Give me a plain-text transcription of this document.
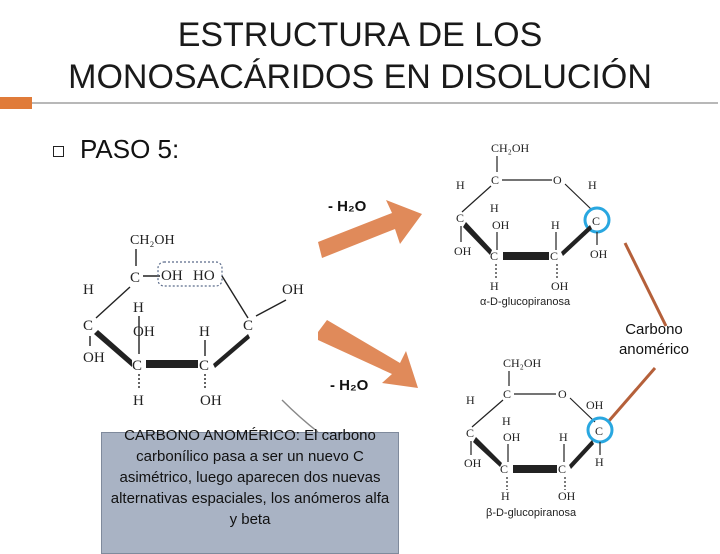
ESTRUCTURA DE LOS
MONOSACÁRIDOS EN DISOLUCIÓN
PASO 5:
CH₂OH
C OH HO
OH
C
H
C
OH C	C
H
OH	H
H	OH
CH₂OH
C	O H
C
OH
H
C
OH C	C
H
OH	H
H	OH
α-D-glucopiranosa
CH₂OH
C	O
C
OH
H
H
C
OH C	C
H
OH	H
H	OH
β-D-glucopiranosa
- H₂O
- H₂O
Carbono
anomérico
CARBONO ANOMÉRICO: El carbono carbonílico pasa a ser un nuevo C asimétrico, luego aparecen dos nuevas alternativas espaciales, los anómeros alfa y beta
